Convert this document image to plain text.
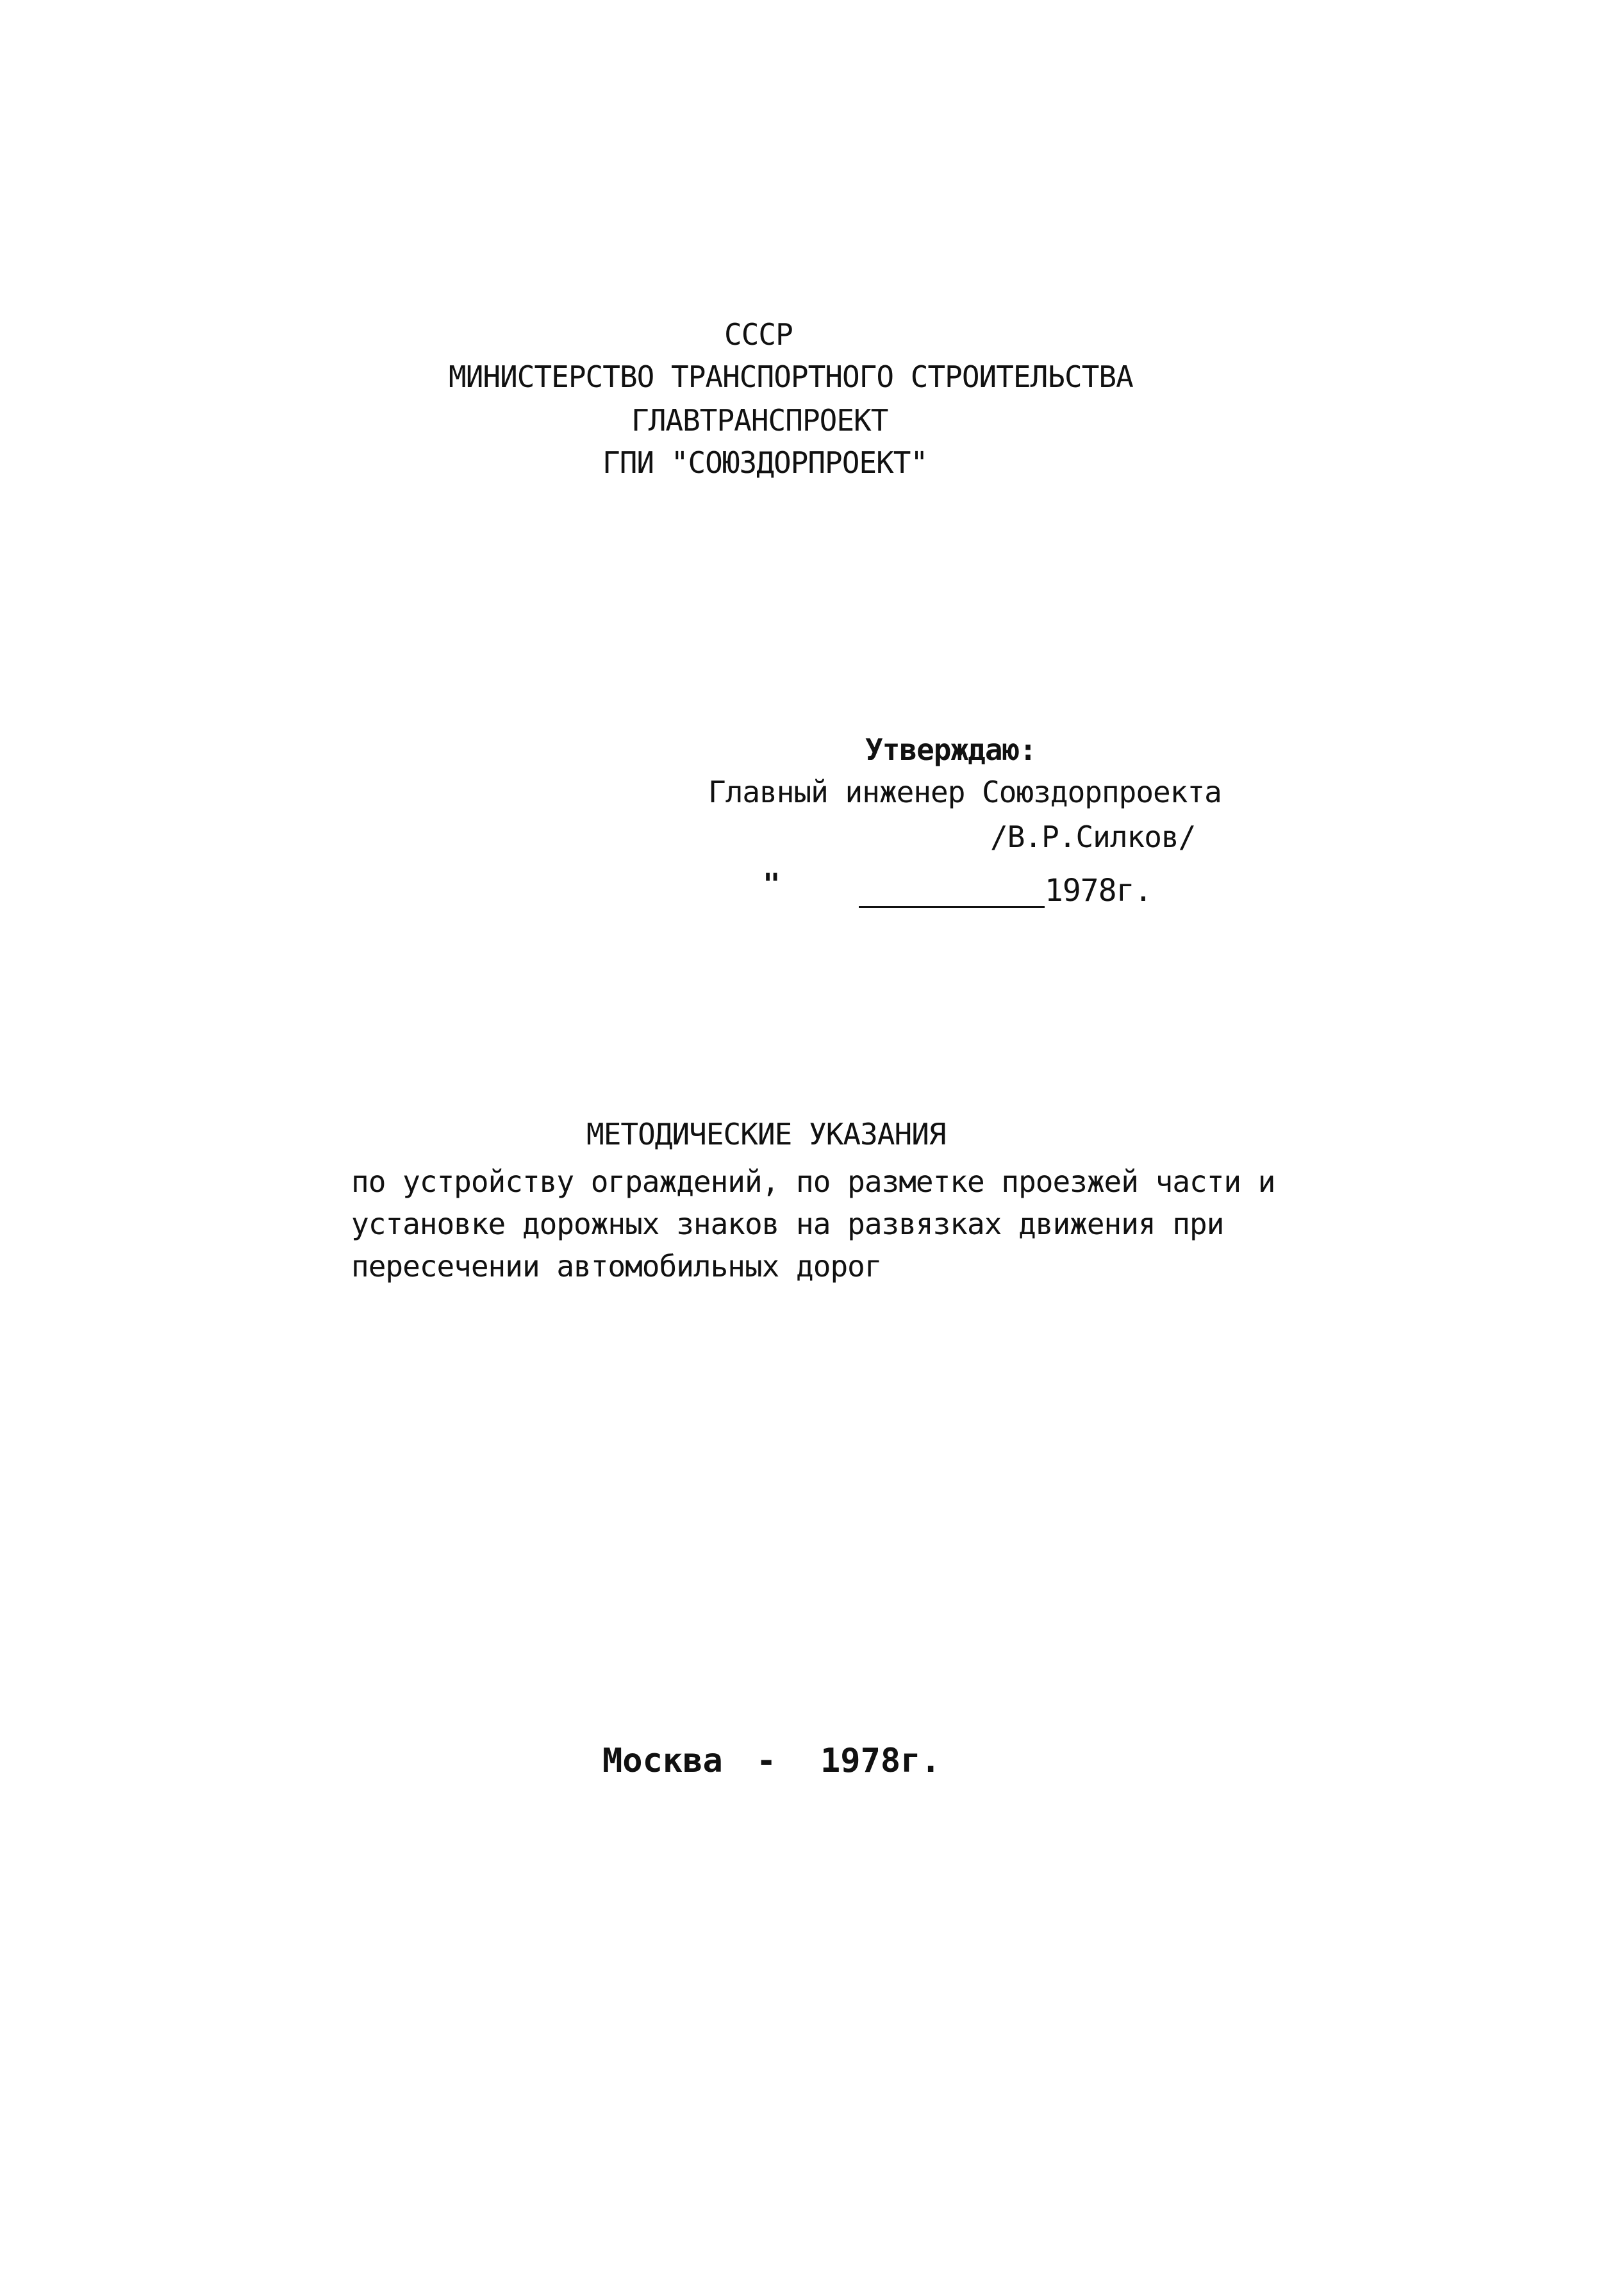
СССР
МИНИСТЕРСТВО ТРАНСПОРТНОГО СТРОИТЕЛЬСТВА
ГЛАВТРАНСПРОЕКТ
ГПИ "СОЮЗДОРПРОЕКТ"
Утверждаю:
Главный инженер Союздорпроекта
/В.Р.Силков/
"	1978г.
МЕТОДИЧЕСКИЕ УКАЗАНИЯ
по устройству ограждений, по разметке проезжей части и
установке дорожных знаков на развязках движения при
пересечении автомобильных дорог
Москва - 1978г.
